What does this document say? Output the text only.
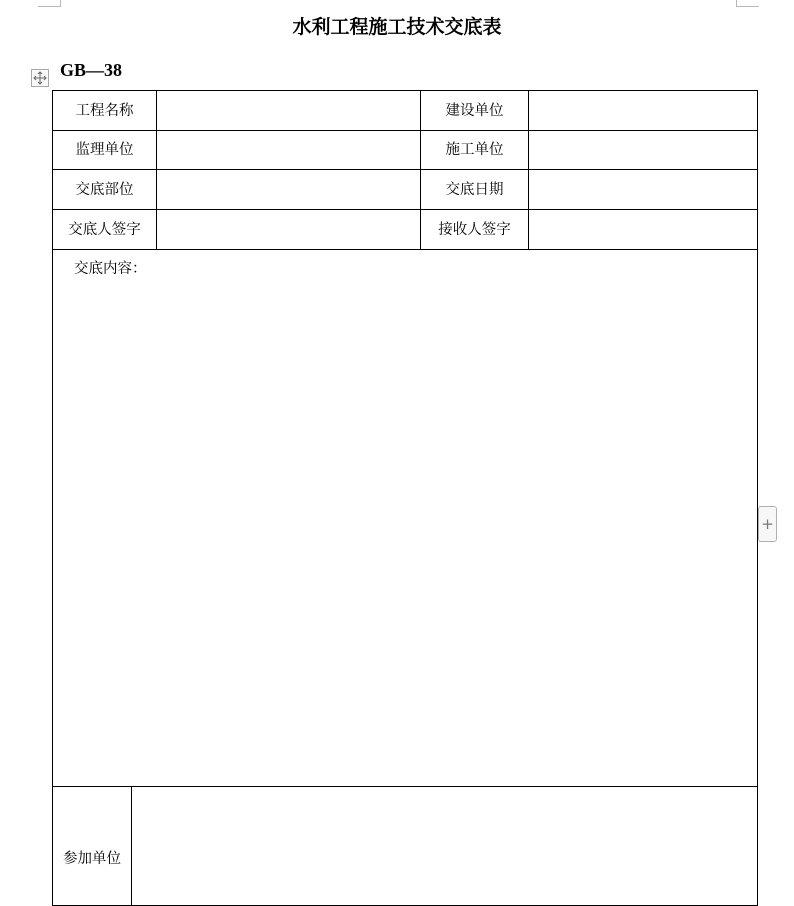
水利工程施工技术交底表
GB—38
+
工程名称	建设单位
监理单位	施工单位
交底部位	交底日期
交底人签字	接收人签字
交底内容：
参加单位
